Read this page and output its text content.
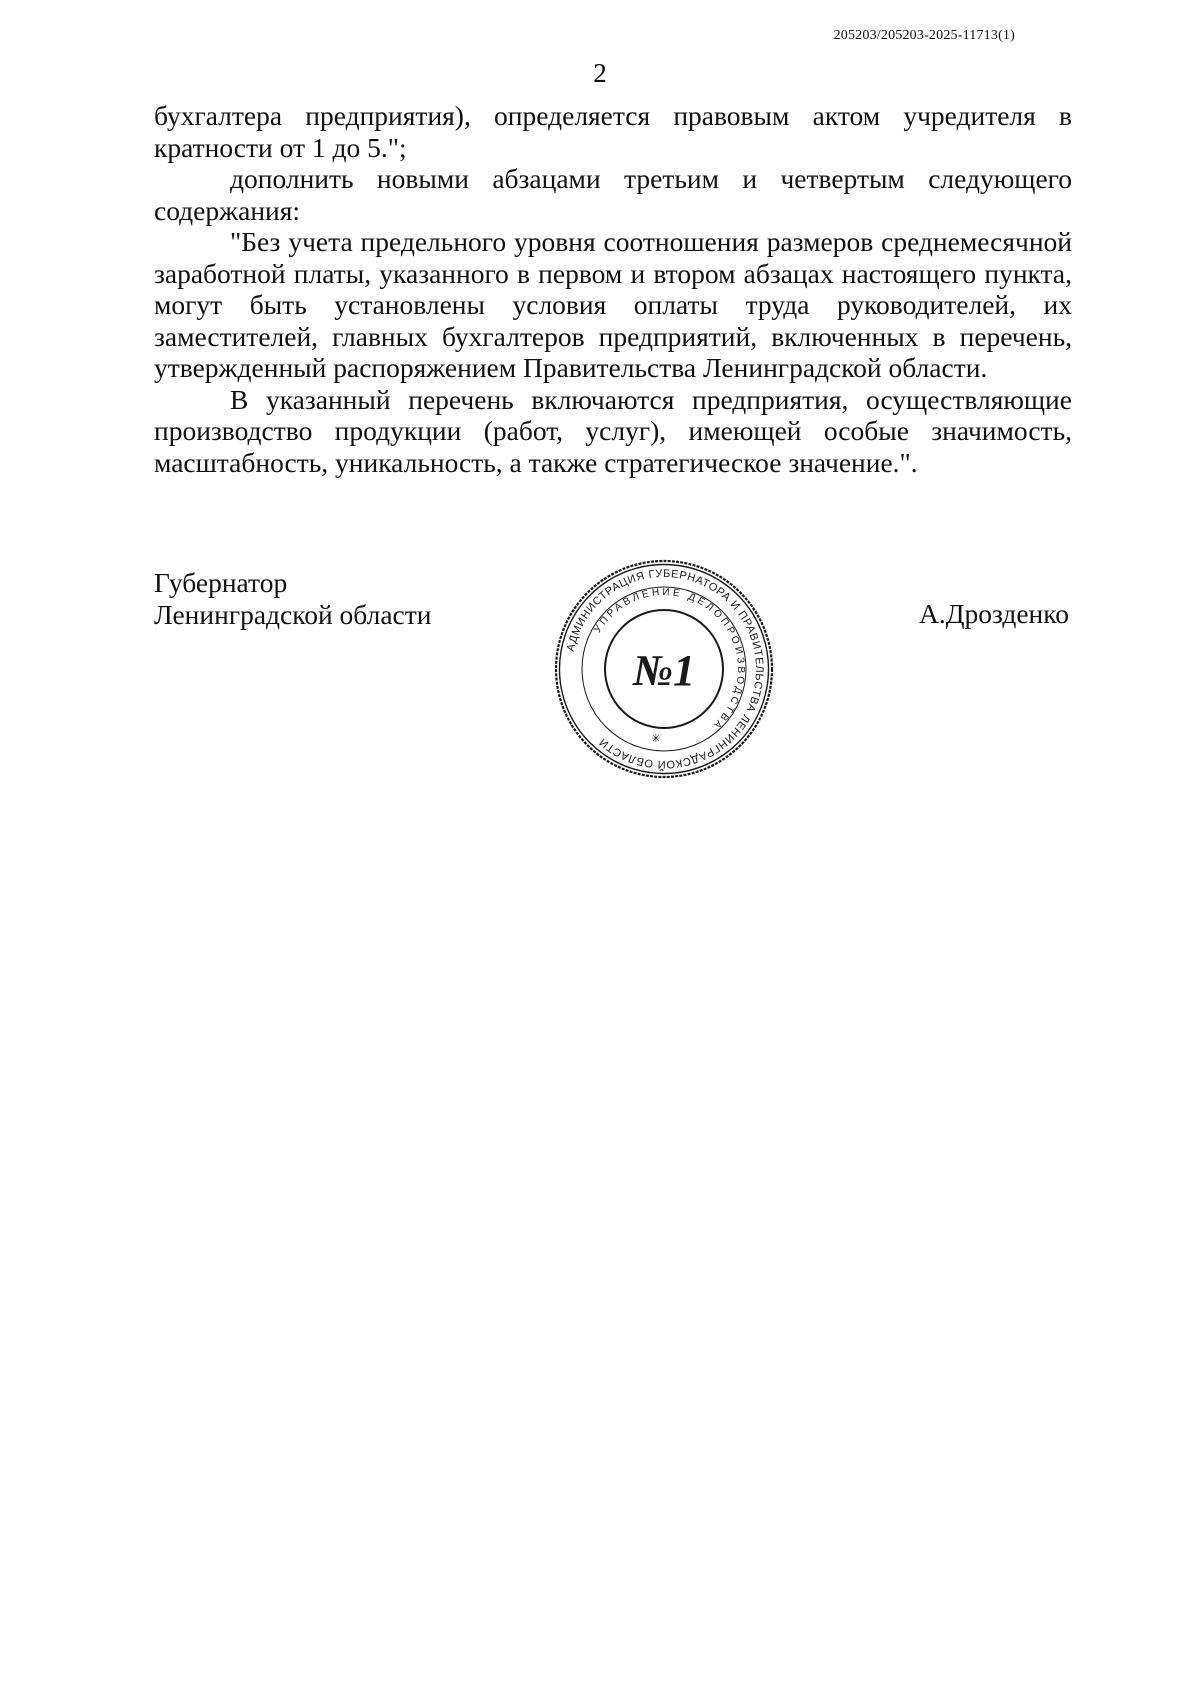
205203/205203-2025-11713(1)
2

бухгалтера предприятия), определяется правовым актом учредителя в кратности от 1 до 5.";

дополнить новыми абзацами третьим и четвертым следующего содержания:

"Без учета предельного уровня соотношения размеров среднемесячной заработной платы, указанного в первом и втором абзацах настоящего пункта, могут быть установлены условия оплаты труда руководителей, их заместителей, главных бухгалтеров предприятий, включенных в перечень, утвержденный распоряжением Правительства Ленинградской области.

В указанный перечень включаются предприятия, осуществляющие производство продукции (работ, услуг), имеющей особые значимость, масштабность, уникальность, а также стратегическое значение.".

Губернатор
Ленинградской области
АДМИНИСТРАЦИЯ ГУБЕРНАТОРА И ПРАВИТЕЛЬСТВА ЛЕНИНГРАДСКОЙ ОБЛАСТИ
УПРАВЛЕНИЕ ДЕЛОПРОИЗВОДСТВА
№1
✳
А.Дрозденко
